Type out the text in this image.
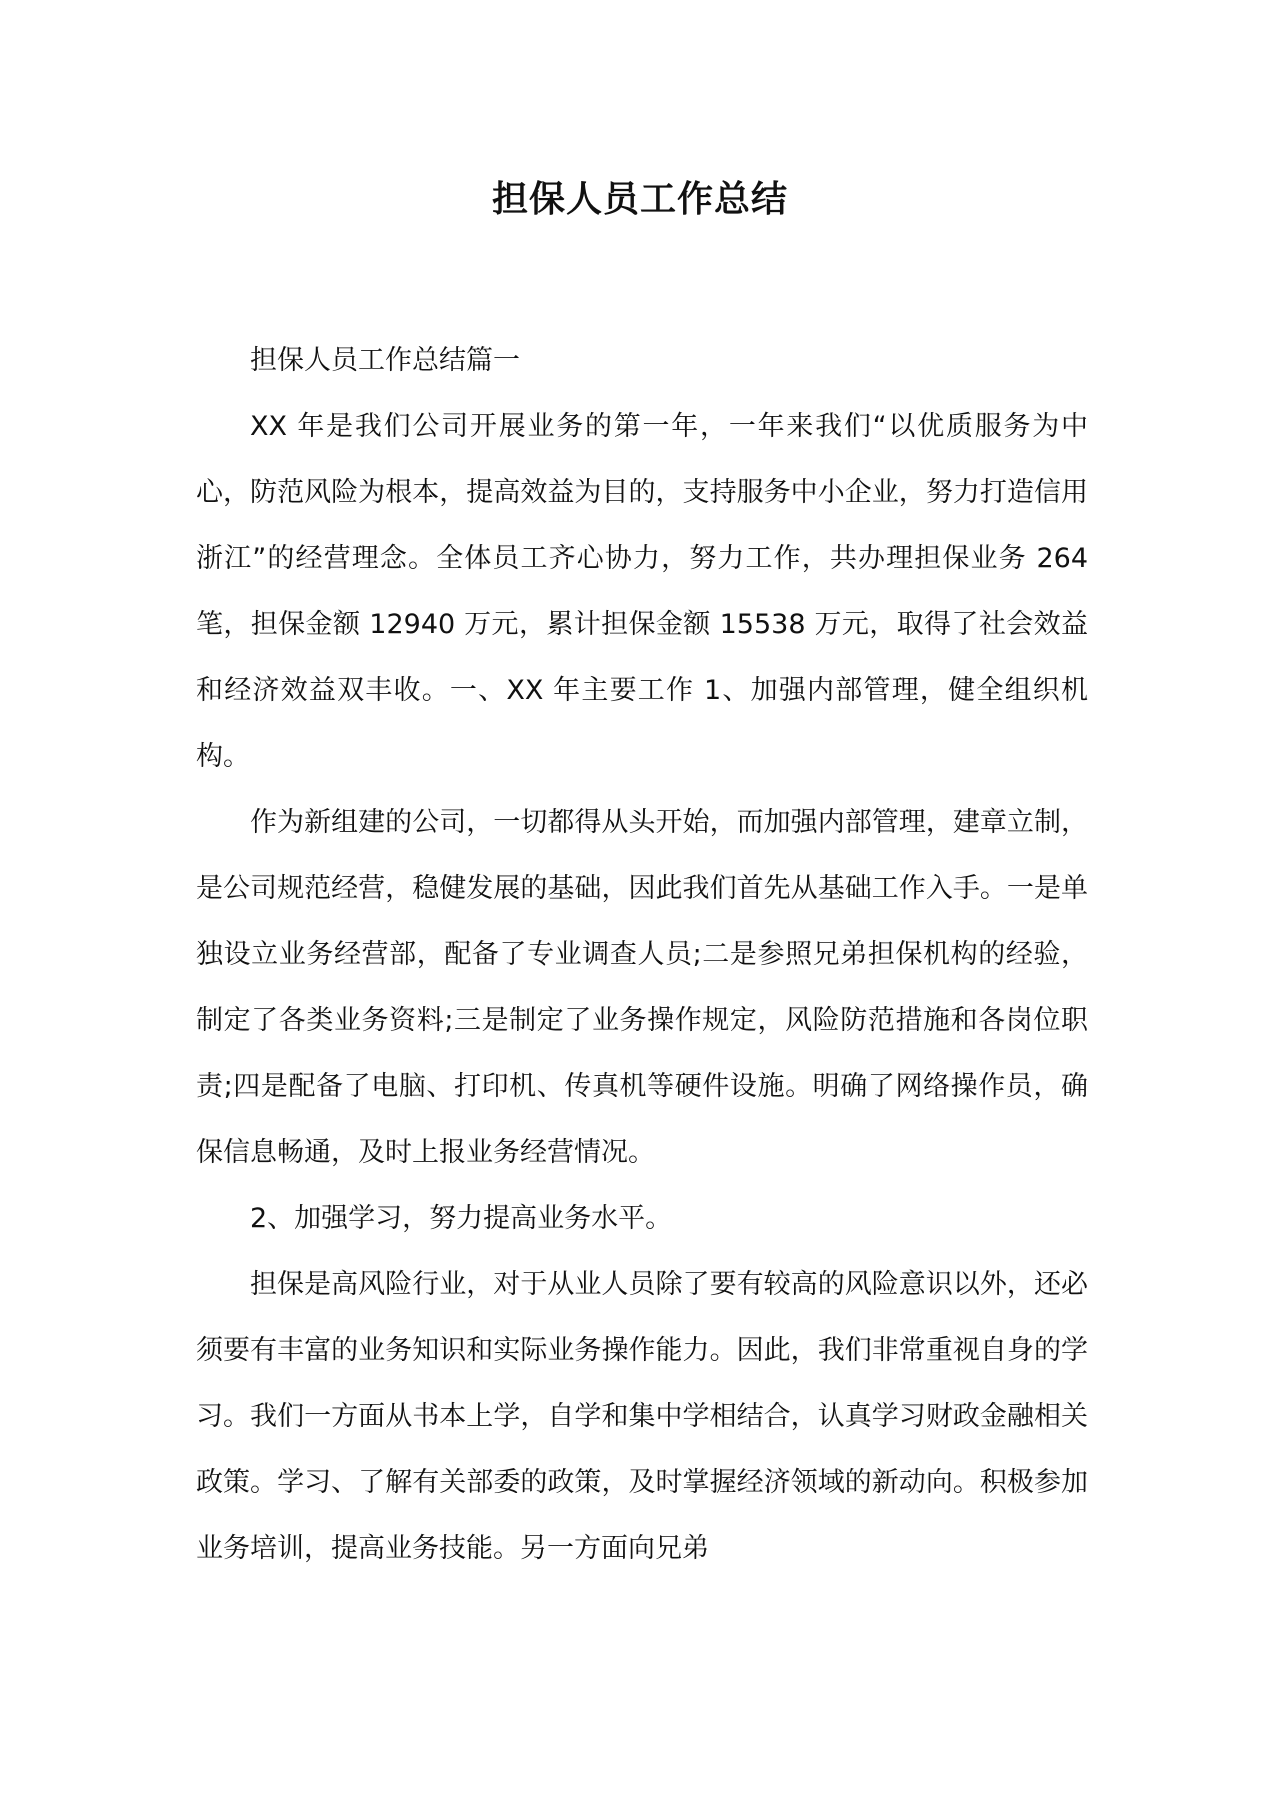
担保人员工作总结

担保人员工作总结篇一

XX 年是我们公司开展业务的第一年，一年来我们“以优质服务为中心，防范风险为根本，提高效益为目的，支持服务中小企业，努力打造信用浙江”的经营理念。全体员工齐心协力，努力工作，共办理担保业务 264 笔，担保金额 12940 万元，累计担保金额 15538 万元，取得了社会效益和经济效益双丰收。一、XX 年主要工作 1、加强内部管理，健全组织机构。

作为新组建的公司，一切都得从头开始，而加强内部管理，建章立制，是公司规范经营，稳健发展的基础，因此我们首先从基础工作入手。一是单独设立业务经营部，配备了专业调查人员;二是参照兄弟担保机构的经验，制定了各类业务资料;三是制定了业务操作规定，风险防范措施和各岗位职责;四是配备了电脑、打印机、传真机等硬件设施。明确了网络操作员，确保信息畅通，及时上报业务经营情况。

2、加强学习，努力提高业务水平。

担保是高风险行业，对于从业人员除了要有较高的风险意识以外，还必须要有丰富的业务知识和实际业务操作能力。因此，我们非常重视自身的学习。我们一方面从书本上学，自学和集中学相结合，认真学习财政金融相关政策。学习、了解有关部委的政策，及时掌握经济领域的新动向。积极参加业务培训，提高业务技能。另一方面向兄弟
